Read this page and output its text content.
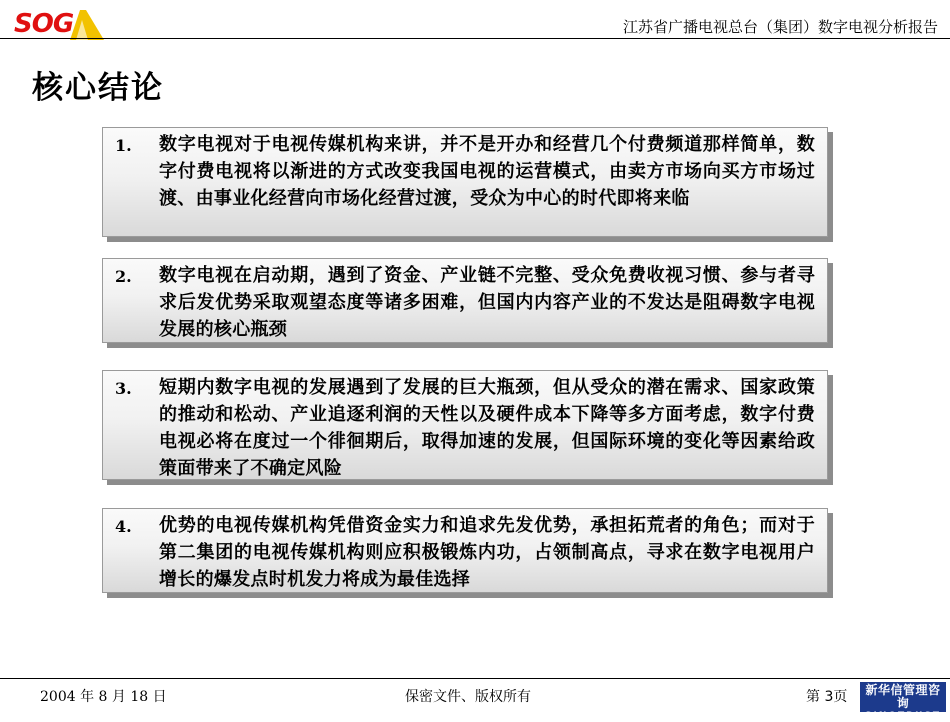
SOG	江苏省广播电视总台（集团）数字电视分析报告
核心结论
1. 数字电视对于电视传媒机构来讲，并不是开办和经营几个付费频道那样简单，数字付费电视将以渐进的方式改变我国电视的运营模式，由卖方市场向买方市场过渡、由事业化经营向市场化经营过渡，受众为中心的时代即将来临
2. 数字电视在启动期，遇到了资金、产业链不完整、受众免费收视习惯、参与者寻求后发优势采取观望态度等诸多困难，但国内内容产业的不发达是阻碍数字电视发展的核心瓶颈
3. 短期内数字电视的发展遇到了发展的巨大瓶颈，但从受众的潜在需求、国家政策的推动和松动、产业追逐利润的天性以及硬件成本下降等多方面考虑，数字付费电视必将在度过一个徘徊期后，取得加速的发展，但国际环境的变化等因素给政策面带来了不确定风险
4. 优势的电视传媒机构凭借资金实力和追求先发优势，承担拓荒者的角色；而对于第二集团的电视传媒机构则应积极锻炼内功，占领制高点，寻求在数字电视用户增长的爆发点时机发力将成为最佳选择
2004 年 8 月 18 日	保密文件、版权所有	第 3页	新华信管理咨询
SINOTRUST
